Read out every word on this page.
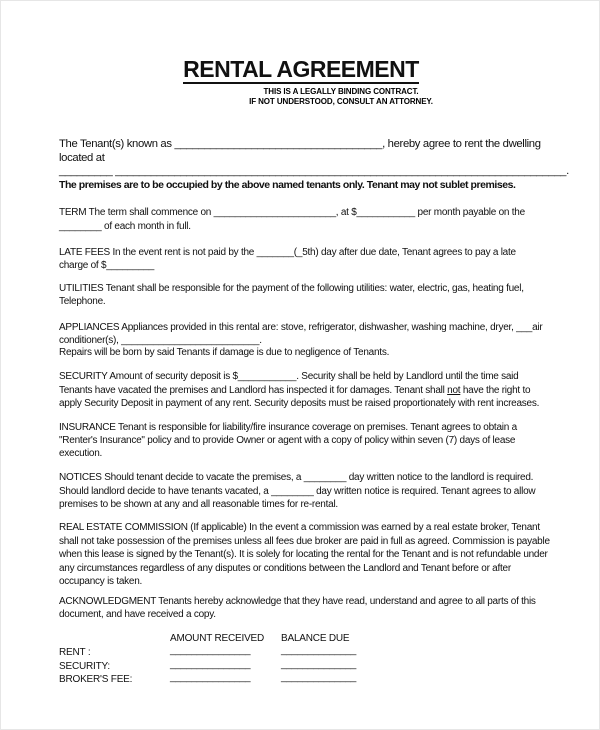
RENTAL AGREEMENT
THIS IS A LEGALLY BINDING CONTRACT.
IF NOT UNDERSTOOD, CONSULT AN ATTORNEY.
The Tenant(s) known as ___________________________________, hereby agree to rent the dwelling
located at
_________ ____________________________________________________________________________.
The premises are to be occupied by the above named tenants only. Tenant may not sublet premises.
TERM The term shall commence on _______________________, at $___________ per month payable on the
________ of each month in full.
LATE FEES In the event rent is not paid by the _______(_5th) day after due date, Tenant agrees to pay a late
charge of $_________
UTILITIES Tenant shall be responsible for the payment of the following utilities: water, electric, gas, heating fuel,
Telephone.
APPLIANCES Appliances provided in this rental are: stove, refrigerator, dishwasher, washing machine, dryer, ___air
conditioner(s), __________________________.
Repairs will be born by said Tenants if damage is due to negligence of Tenants.
SECURITY Amount of security deposit is $___________. Security shall be held by Landlord until the time said
Tenants have vacated the premises and Landlord has inspected it for damages. Tenant shall not have the right to
apply Security Deposit in payment of any rent. Security deposits must be raised proportionately with rent increases.
INSURANCE Tenant is responsible for liability/fire insurance coverage on premises. Tenant agrees to obtain a
"Renter's Insurance" policy and to provide Owner or agent with a copy of policy within seven (7) days of lease
execution.
NOTICES Should tenant decide to vacate the premises, a ________ day written notice to the landlord is required.
Should landlord decide to have tenants vacated, a ________ day written notice is required. Tenant agrees to allow
premises to be shown at any and all reasonable times for re-rental.
REAL ESTATE COMMISSION (If applicable) In the event a commission was earned by a real estate broker, Tenant
shall not take possession of the premises unless all fees due broker are paid in full as agreed. Commission is payable
when this lease is signed by the Tenant(s). It is solely for locating the rental for the Tenant and is not refundable under
any circumstances regardless of any disputes or conditions between the Landlord and Tenant before or after
occupancy is taken.
ACKNOWLEDGMENT Tenants hereby acknowledge that they have read, understand and agree to all parts of this
document, and have received a copy.
AMOUNT RECEIVED BALANCE DUE
RENT :	_______________	______________
SECURITY:	_______________	______________
BROKER'S FEE:	_______________	______________
